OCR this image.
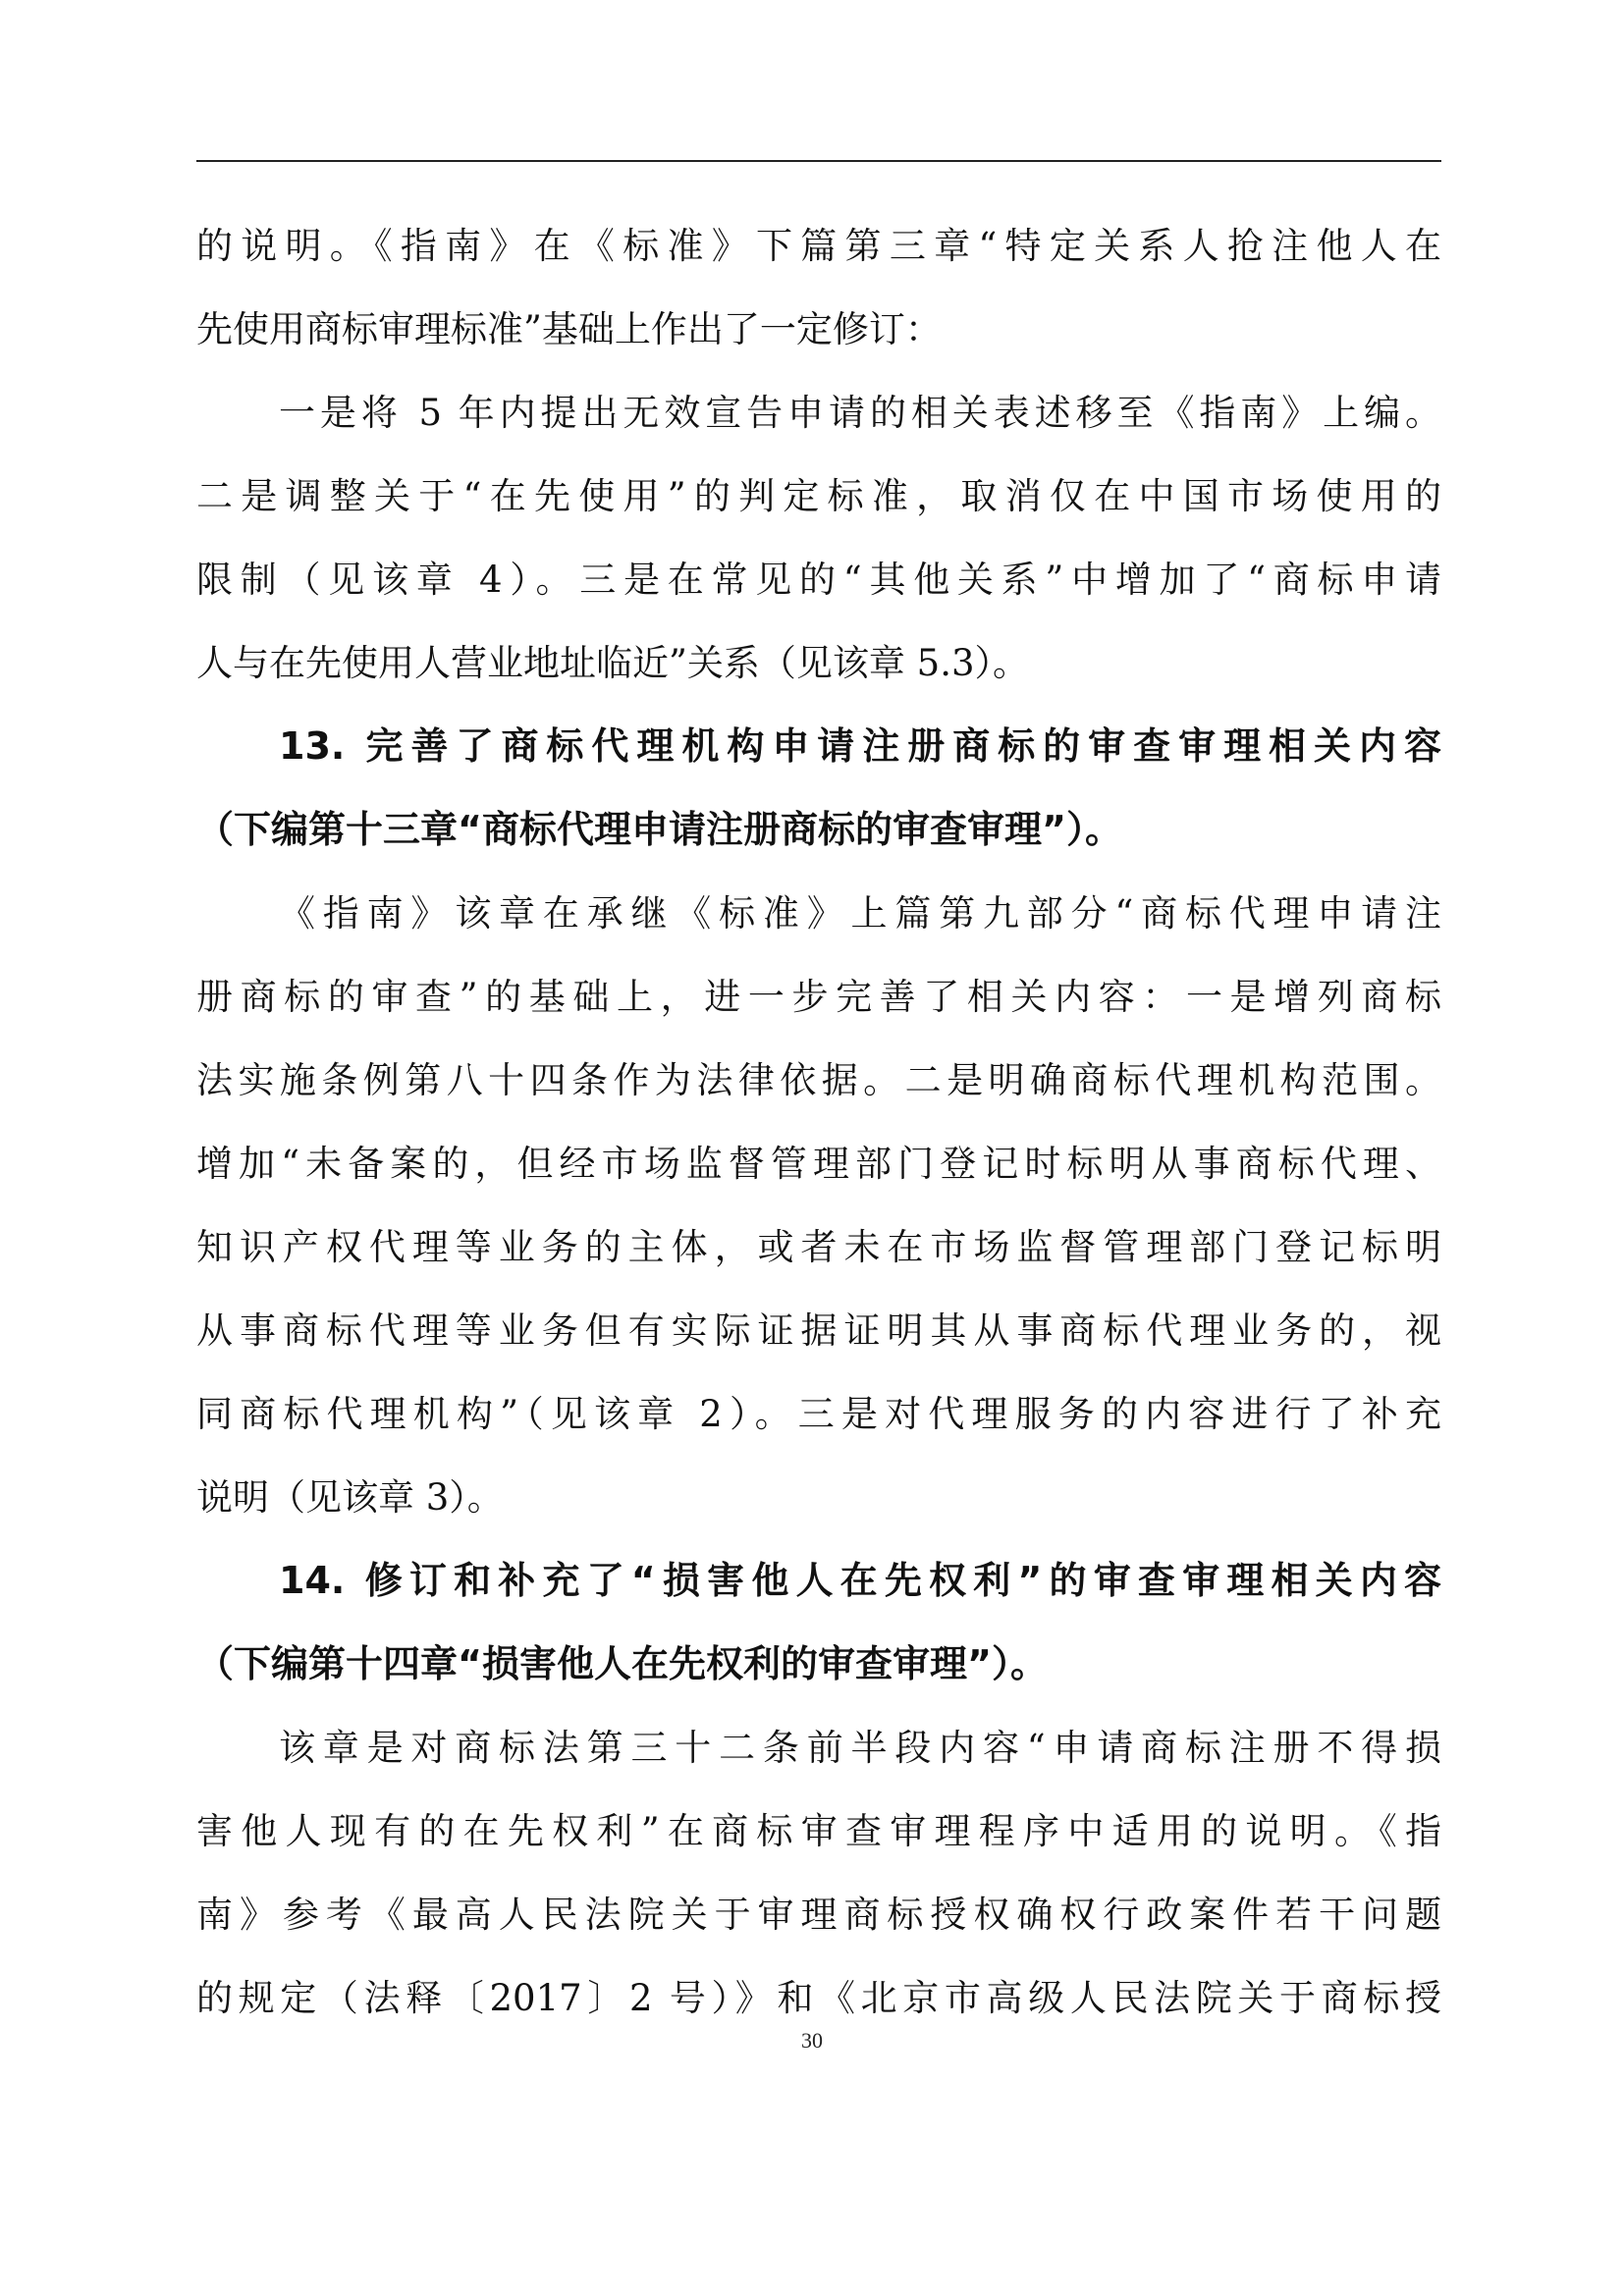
的说明。《指南》在《标准》下篇第三章“特定关系人抢注他人在
先使用商标审理标准”基础上作出了一定修订：
一是将 5 年内提出无效宣告申请的相关表述移至《指南》上编。
二是调整关于“在先使用”的判定标准，取消仅在中国市场使用的
限制（见该章 4）。三是在常见的“其他关系”中增加了“商标申请
人与在先使用人营业地址临近”关系（见该章 5.3）。
13. 完善了商标代理机构申请注册商标的审查审理相关内容
（下编第十三章“商标代理申请注册商标的审查审理”）。
《指南》该章在承继《标准》上篇第九部分“商标代理申请注
册商标的审查”的基础上，进一步完善了相关内容：一是增列商标
法实施条例第八十四条作为法律依据。二是明确商标代理机构范围。
增加“未备案的，但经市场监督管理部门登记时标明从事商标代理、
知识产权代理等业务的主体，或者未在市场监督管理部门登记标明
从事商标代理等业务但有实际证据证明其从事商标代理业务的，视
同商标代理机构”（见该章 2）。三是对代理服务的内容进行了补充
说明（见该章 3）。
14. 修订和补充了“损害他人在先权利”的审查审理相关内容
（下编第十四章“损害他人在先权利的审查审理”）。
该章是对商标法第三十二条前半段内容“申请商标注册不得损
害他人现有的在先权利”在商标审查审理程序中适用的说明。《指
南》参考《最高人民法院关于审理商标授权确权行政案件若干问题
的规定（法释〔2017〕2 号）》和《北京市高级人民法院关于商标授
30
